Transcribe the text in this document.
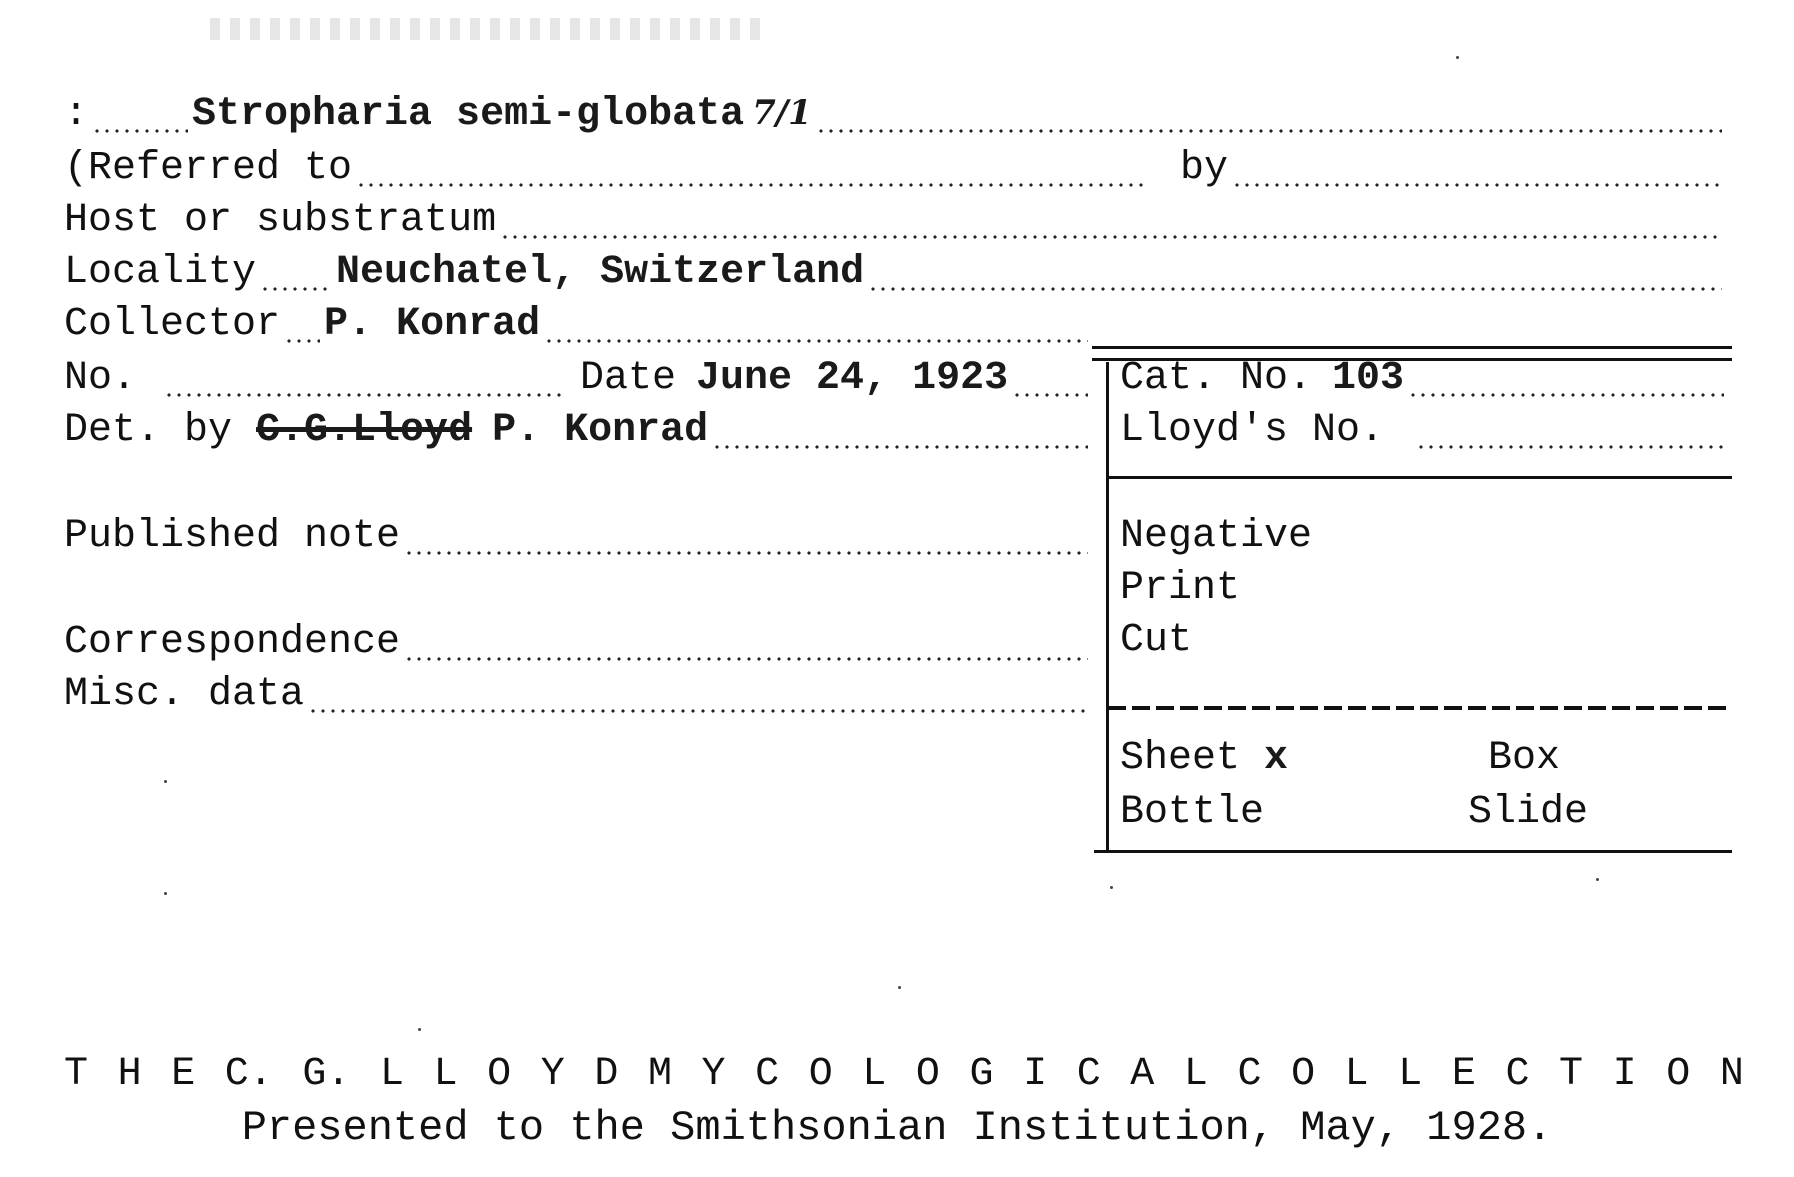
:	Stropharia semi-globata 7/1
(Referred to	by
Host or substratum
Locality Neuchatel, Switzerland
Collector P. Konrad
No.	Date June 24, 1923
Det. by C.G.Lloyd P. Konrad
Published note
Correspondence
Misc. data
Cat. No. 103
Lloyd's No.
Negative
Print
Cut
Sheet x	Box
Bottle	Slide
T H E C. G. L L O Y D M Y C O L O G I C A L C O L L E C T I O N
Presented to the Smithsonian Institution, May, 1928.
